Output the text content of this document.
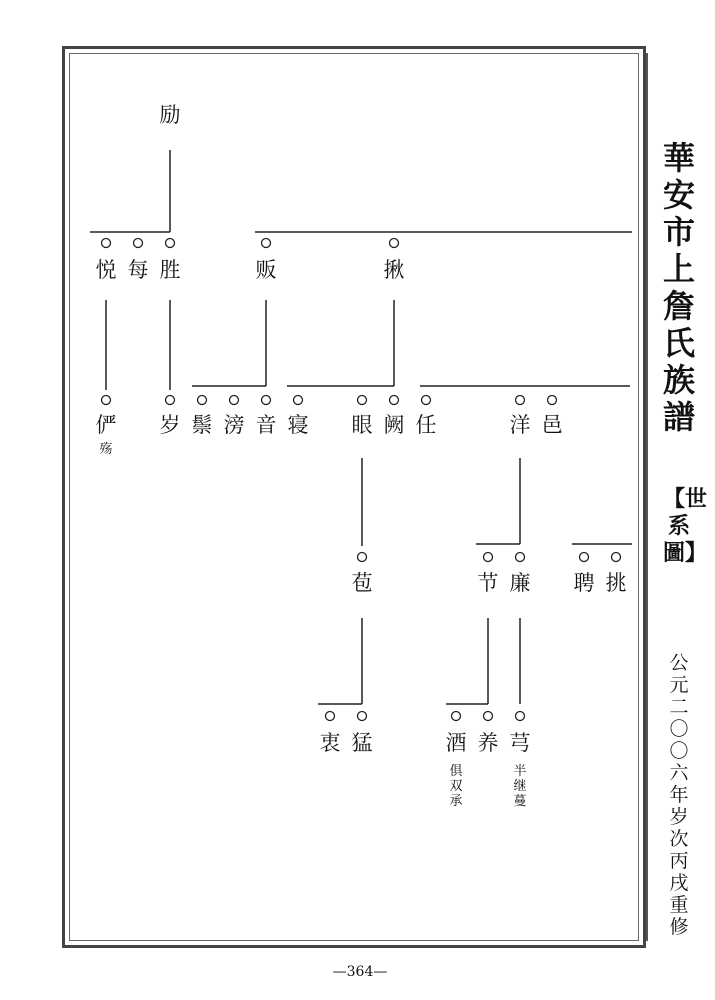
励
悦 每 胜	贩	揪
俨
殇
岁 鬃 滂 音 寝 眼 阙 任	洋 邑
苞	节 廉 聘 挑
衷 猛	酒
俱双承
养 芎
半继蔓
華安市上詹氏族譜
【世系圖】
公元二〇〇六年岁次丙戌重修
—364—
